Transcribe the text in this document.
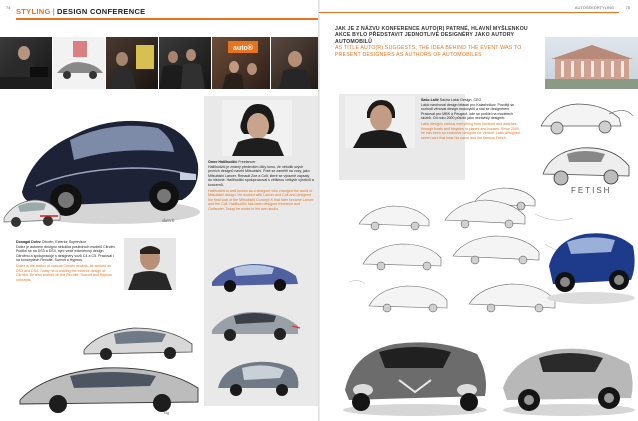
74 STYLING | DESIGN CONFERENCE
auto®
sketch
Omer Halilhodžić Freelancer
Halilhodžić je známý především díky tomu, že několik svých prvních designů navrhl Mitsubishi. Poté se zaměřil na vozy, jako Mitsubishi Lancer, Renault Zoe a Colt, které se výrazně zapsaly do historie. Halilhodžić spolupracoval s většinou velkých výrobců a koncernů.
Halilhodžić is well-known as a designer who changed the world of Mitsubishi design. He worked with Lancer and Colt and designed the final look of the Mitsubishi Concept X that later became Lancer and the Colt. Halilhodžić has been designer freelance and Outlander. Today he works in his own studio.
Donagál Dolez Citroën, Exterior Supervisor
Dolez je autorem designu několika posledních modelů Citroën. Podílel se na DS3 a DS4, nyní vede exteriérový design Citroënu a spolupracuje s designéry vozů C4 a C5. Pracoval i na konceptech Revolte, Survolt a Hypnos.
Dolez is the author of various Citroën models, he worked on DS3 and DS4. Today he is leading the exterior design of Citroën. He also worked on the Revolte, Survolt and Hypnos concepts.
sig
AUTOSEEDRTYLING	75
JAK JE Z NÁZVU KONFERENCE AUTO(R) PATRNÉ, HLAVNÍ MYŠLENKOU AKCE BYLO PŘEDSTAVIT JEDNOTLIVÉ DESIGNÉRY JAKO AUTORY AUTOMOBILŮ
AS TITLE AUTO(R) SUGGESTS, THE IDEA BEHIND THE EVENT WAS TO PRESENT DESIGNERS AS AUTHORS OF AUTOMOBILES
Sašo Lalič Sacha Lakic Design, CEO
Lakić navrhoval design letadel pro Kalashnikov. Později se rozhodl věnovat design motocyklů a stal se designérem. Pracoval pro MBK a Peugeot, kde se podílel na modelech skútrů. Od roku 2000 působí jako nezávislý designér.
Lakic designs various everything from furniture and watches, through boats and bicycles to planes and houses. Since 2000, he has been an exclusive designer for Venturi. Lakic designed seven cars that bear his name and the famous Fetish.
FETISH
